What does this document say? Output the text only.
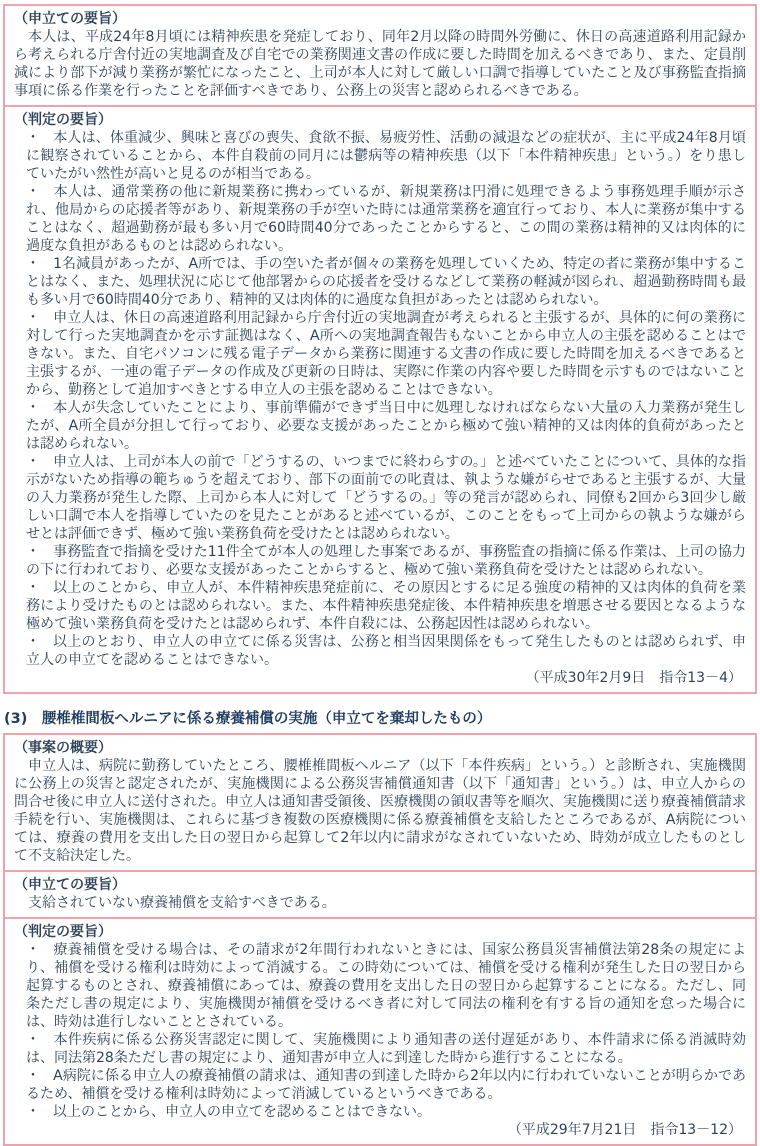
（申立ての要旨）

本人は、平成24年8月頃には精神疾患を発症しており、同年2月以降の時間外労働に、休日の高速道路利用記録から考えられる庁舎付近の実地調査及び自宅での業務関連文書の作成に要した時間を加えるべきであり、また、定員削減により部下が減り業務が繁忙になったこと、上司が本人に対して厳しい口調で指導していたこと及び事務監査指摘事項に係る作業を行ったことを評価すべきであり、公務上の災害と認められるべきである。

（判定の要旨）

・ 本人は、体重減少、興味と喜びの喪失、食欲不振、易疲労性、活動の減退などの症状が、主に平成24年8月頃に観察されていることから、本件自殺前の同月には鬱病等の精神疾患（以下「本件精神疾患」という。）をり患していたがい然性が高いと見るのが相当である。

・ 本人は、通常業務の他に新規業務に携わっているが、新規業務は円滑に処理できるよう事務処理手順が示され、他局からの応援者等があり、新規業務の手が空いた時には通常業務を適宜行っており、本人に業務が集中することはなく、超過勤務が最も多い月で60時間40分であったことからすると、この間の業務は精神的又は肉体的に過度な負担があるものとは認められない。

・ 1名減員があったが、A所では、手の空いた者が個々の業務を処理していくため、特定の者に業務が集中することはなく、また、処理状況に応じて他部署からの応援者を受けるなどして業務の軽減が図られ、超過勤務時間も最も多い月で60時間40分であり、精神的又は肉体的に過度な負担があったとは認められない。

・ 申立人は、休日の高速道路利用記録から庁舎付近の実地調査が考えられると主張するが、具体的に何の業務に対して行った実地調査かを示す証拠はなく、A所への実地調査報告もないことから申立人の主張を認めることはできない。また、自宅パソコンに残る電子データから業務に関連する文書の作成に要した時間を加えるべきであると主張するが、一連の電子データの作成及び更新の日時は、実際に作業の内容や要した時間を示すものではないことから、勤務として追加すべきとする申立人の主張を認めることはできない。

・ 本人が失念していたことにより、事前準備ができず当日中に処理しなければならない大量の入力業務が発生したが、A所全員が分担して行っており、必要な支援があったことから極めて強い精神的又は肉体的負荷があったとは認められない。

・ 申立人は、上司が本人の前で「どうするの、いつまでに終わらすの。」と述べていたことについて、具体的な指示がないため指導の範ちゅうを超えており、部下の面前での叱責は、執ような嫌がらせであると主張するが、大量の入力業務が発生した際、上司から本人に対して「どうするの。」等の発言が認められ、同僚も2回から3回少し厳しい口調で本人を指導していたのを見たことがあると述べているが、このことをもって上司からの執ような嫌がらせとは評価できず、極めて強い業務負荷を受けたとは認められない。

・ 事務監査で指摘を受けた11件全てが本人の処理した事案であるが、事務監査の指摘に係る作業は、上司の協力の下に行われており、必要な支援があったことからすると、極めて強い業務負荷を受けたとは認められない。

・ 以上のことから、申立人が、本件精神疾患発症前に、その原因とするに足る強度の精神的又は肉体的負荷を業務により受けたものとは認められない。また、本件精神疾患発症後、本件精神疾患を増悪させる要因となるような極めて強い業務負荷を受けたとは認められず、本件自殺には、公務起因性は認められない。

・ 以上のとおり、申立人の申立てに係る災害は、公務と相当因果関係をもって発生したものとは認められず、申立人の申立てを認めることはできない。

（平成30年2月9日　指令13－4）
(3)　腰椎椎間板ヘルニアに係る療養補償の実施（申立てを棄却したもの）
（事案の概要）

申立人は、病院に勤務していたところ、腰椎椎間板ヘルニア（以下「本件疾病」という。）と診断され、実施機関に公務上の災害と認定されたが、実施機関による公務災害補償通知書（以下「通知書」という。）は、申立人からの問合せ後に申立人に送付された。申立人は通知書受領後、医療機関の領収書等を順次、実施機関に送り療養補償請求手続を行い、実施機関は、これらに基づき複数の医療機関に係る療養補償を支給したところであるが、A病院については、療養の費用を支出した日の翌日から起算して2年以内に請求がなされていないため、時効が成立したものとして不支給決定した。

（申立ての要旨）

支給されていない療養補償を支給すべきである。

（判定の要旨）

・ 療養補償を受ける場合は、その請求が2年間行われないときには、国家公務員災害補償法第28条の規定により、補償を受ける権利は時効によって消滅する。この時効については、補償を受ける権利が発生した日の翌日から起算するものとされ、療養補償にあっては、療養の費用を支出した日の翌日から起算することになる。ただし、同条ただし書の規定により、実施機関が補償を受けるべき者に対して同法の権利を有する旨の通知を怠った場合には、時効は進行しないこととされている。

・ 本件疾病に係る公務災害認定に関して、実施機関により通知書の送付遅延があり、本件請求に係る消滅時効は、同法第28条ただし書の規定により、通知書が申立人に到達した時から進行することになる。

・ A病院に係る申立人の療養補償の請求は、通知書の到達した時から2年以内に行われていないことが明らかであるため、補償を受ける権利は時効によって消滅しているというべきである。

・ 以上のことから、申立人の申立てを認めることはできない。

（平成29年7月21日　指令13－12）
